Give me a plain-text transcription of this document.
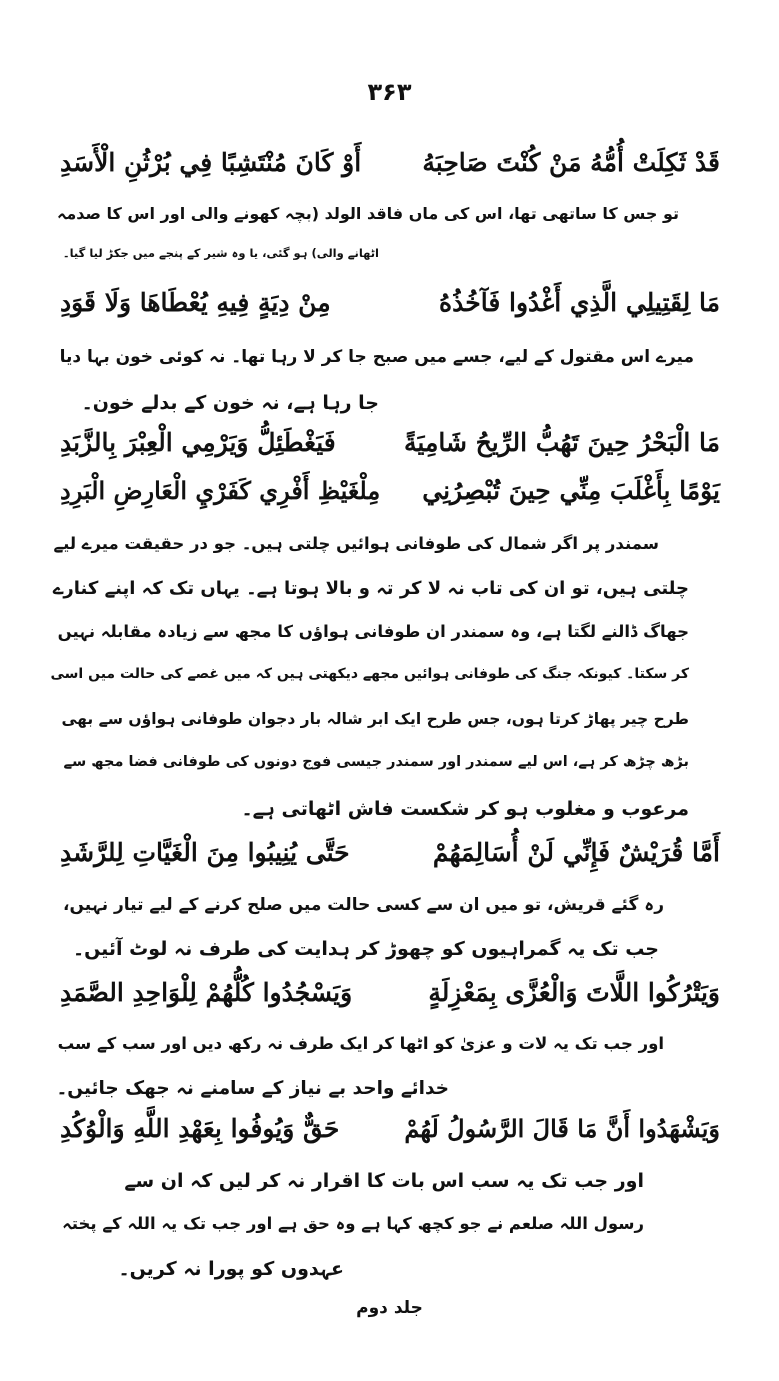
۳۶۳
قَدْ ثَكِلَتْ أُمُّهُ مَنْ كُنْتَ صَاحِبَهُ
أَوْ كَانَ مُنْتَشِبًا فِي بُرْثُنِ الْأَسَدِ
تو جس کا ساتھی تھا، اس کی ماں فاقد الولد (بچہ کھونے والی اور اس کا صدمہ
اٹھانے والی) ہو گئی، یا وہ شیر کے پنجے میں جکڑ لیا گیا۔
مَا لِقَتِيلِي الَّذِي أَغْدُوا فَآخُذُهُ
مِنْ دِيَةٍ فِيهِ يُعْطَاهَا وَلَا قَوَدِ
میرے اس مقتول کے لیے، جسے میں صبح جا کر لا رہا تھا۔ نہ کوئی خون بہا دیا
جا رہا ہے، نہ خون کے بدلے خون۔
مَا الْبَحْرُ حِينَ تَهُبُّ الرِّيحُ شَامِيَةً
فَيَغْطَئِلُّ وَيَرْمِي الْعِبْرَ بِالزَّبَدِ
يَوْمًا بِأَغْلَبَ مِنِّي حِينَ تُبْصِرُنِي
مِلْغَيْظِ أَفْرِي كَفَرْيِ الْعَارِضِ الْبَرِدِ
سمندر پر اگر شمال کی طوفانی ہوائیں چلتی ہیں۔ جو در حقیقت میرے لیے
چلتی ہیں، تو ان کی تاب نہ لا کر تہ و بالا ہوتا ہے۔ یہاں تک کہ اپنے کنارے
جھاگ ڈالنے لگتا ہے، وہ سمندر ان طوفانی ہواؤں کا مجھ سے زیادہ مقابلہ نہیں
کر سکتا۔ کیونکہ جنگ کی طوفانی ہوائیں مجھے دیکھتی ہیں کہ میں غصے کی حالت میں اسی
طرح چیر پھاڑ کرتا ہوں، جس طرح ایک ابر شالہ بار دجوان طوفانی ہواؤں سے بھی
بڑھ چڑھ کر ہے، اس لیے سمندر اور سمندر جیسی فوج دونوں کی طوفانی فضا مجھ سے
مرعوب و مغلوب ہو کر شکست فاش اٹھاتی ہے۔
أَمَّا قُرَيْشٌ فَإِنِّي لَنْ أُسَالِمَهُمْ
حَتَّى يُنِيبُوا مِنَ الْغَيَّاتِ لِلرَّشَدِ
رہ گئے قریش، تو میں ان سے کسی حالت میں صلح کرنے کے لیے تیار نہیں،
جب تک یہ گمراہیوں کو چھوڑ کر ہدایت کی طرف نہ لوٹ آئیں۔
وَيَتْرُكُوا اللَّاتَ وَالْعُزَّى بِمَعْزِلَةٍ
وَيَسْجُدُوا كُلُّهُمْ لِلْوَاحِدِ الصَّمَدِ
اور جب تک یہ لات و عزیٰ کو اٹھا کر ایک طرف نہ رکھ دیں اور سب کے سب
خدائے واحد بے نیاز کے سامنے نہ جھک جائیں۔
وَيَشْهَدُوا أَنَّ مَا قَالَ الرَّسُولُ لَهُمْ
حَقٌّ وَيُوفُوا بِعَهْدِ اللَّهِ وَالْوُكُدِ
اور جب تک یہ سب اس بات کا اقرار نہ کر لیں کہ ان سے
رسول اللہ صلعم نے جو کچھ کہا ہے وہ حق ہے اور جب تک یہ اللہ کے پختہ
عہدوں کو پورا نہ کریں۔
جلد دوم
